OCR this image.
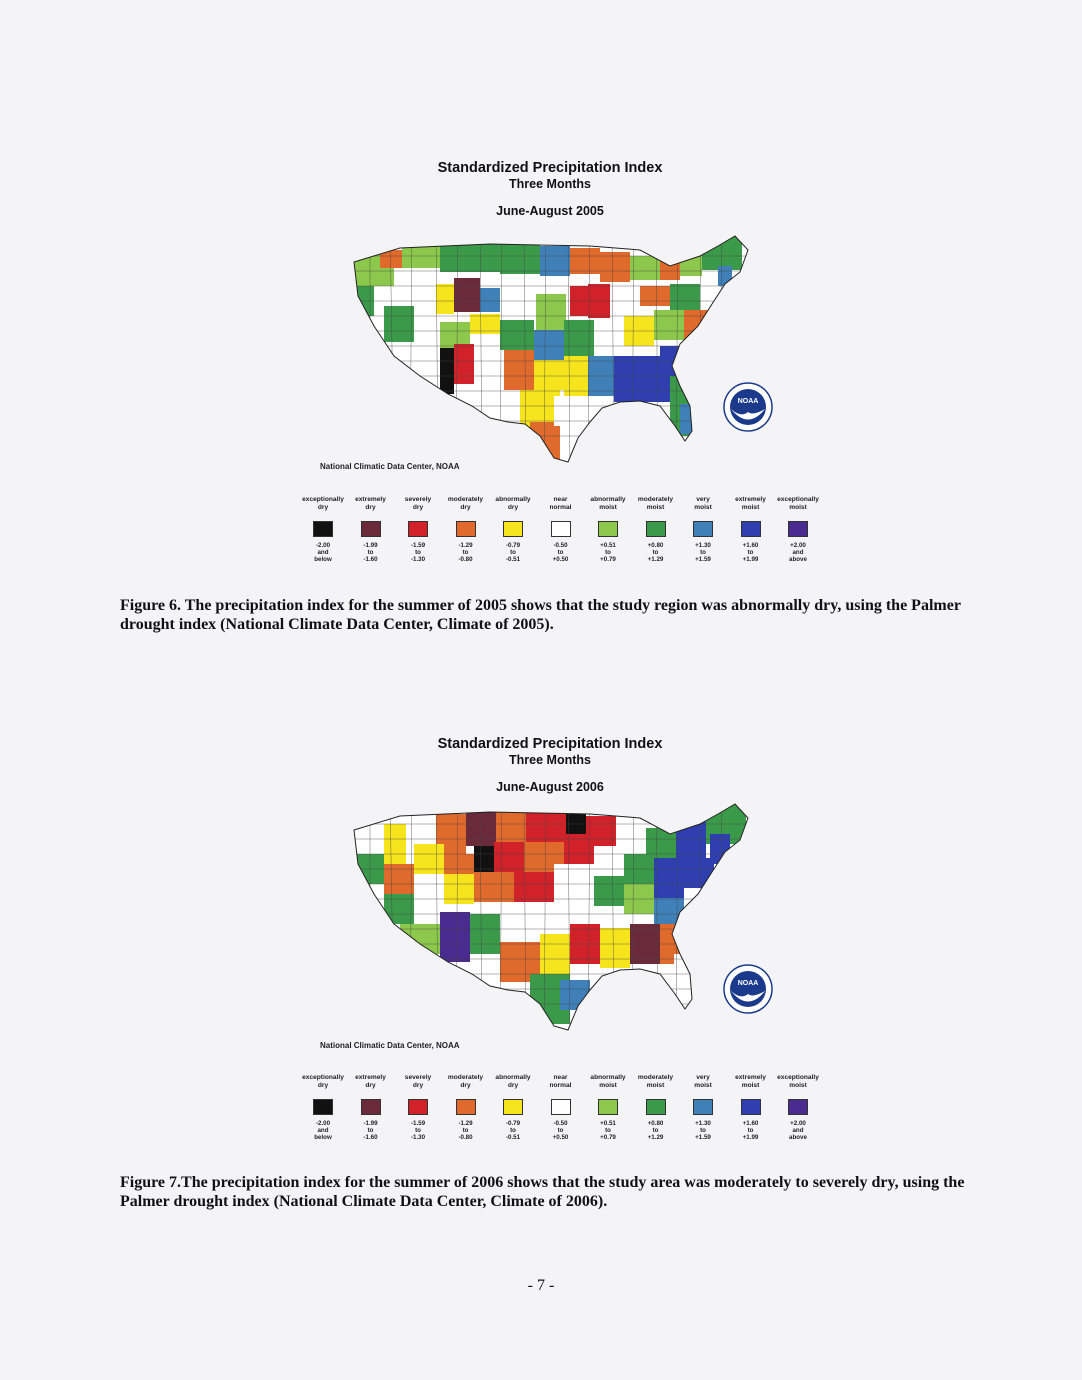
Standardized Precipitation Index
Three Months
June-August 2005
NOAA
National Climatic Data Center, NOAA
exceptionally
dry
-2.00
and
below
extremely
dry
-1.99
to
-1.60
severely
dry
-1.59
to
-1.30
moderately
dry
-1.29
to
-0.80
abnormally
dry
-0.79
to
-0.51
near
normal
-0.50
to
+0.50
abnormally
moist
+0.51
to
+0.79
moderately
moist
+0.80
to
+1.29
very
moist
+1.30
to
+1.59
extremely
moist
+1.60
to
+1.99
exceptionally
moist
+2.00
and
above
Figure 6. The precipitation index for the summer of 2005 shows that the study region was abnormally dry, using the Palmer drought index (National Climate Data Center, Climate of 2005).
Standardized Precipitation Index
Three Months
June-August 2006
NOAA
National Climatic Data Center, NOAA
exceptionally
dry
-2.00
and
below
extremely
dry
-1.99
to
-1.60
severely
dry
-1.59
to
-1.30
moderately
dry
-1.29
to
-0.80
abnormally
dry
-0.79
to
-0.51
near
normal
-0.50
to
+0.50
abnormally
moist
+0.51
to
+0.79
moderately
moist
+0.80
to
+1.29
very
moist
+1.30
to
+1.59
extremely
moist
+1.60
to
+1.99
exceptionally
moist
+2.00
and
above
Figure 7.The precipitation index for the summer of 2006 shows that the study area was moderately to severely dry, using the Palmer drought index (National Climate Data Center, Climate of 2006).
- 7 -
